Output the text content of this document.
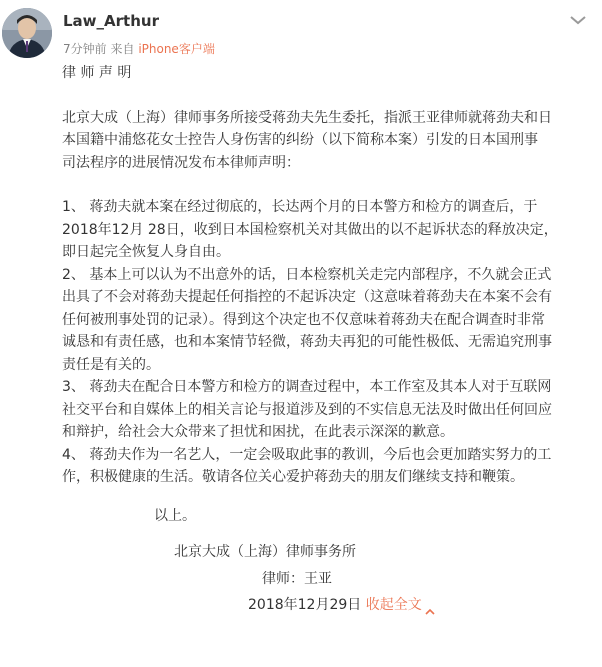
Law_Arthur
7分钟前 来自 iPhone客户端

律 师 声 明

北京大成（上海）律师事务所接受蒋劲夫先生委托，指派王亚律师就蒋劲夫和日
本国籍中浦悠花女士控告人身伤害的纠纷（以下简称本案）引发的日本国刑事
司法程序的进展情况发布本律师声明：
1、 蒋劲夫就本案在经过彻底的，长达两个月的日本警方和检方的调查后，于
2018年12月 28日，收到日本国检察机关对其做出的以不起诉状态的释放决定，
即日起完全恢复人身自由。
2、 基本上可以认为不出意外的话，日本检察机关走完内部程序，不久就会正式
出具了不会对蒋劲夫提起任何指控的不起诉决定（这意味着蒋劲夫在本案不会有
任何被刑事处罚的记录）。得到这个决定也不仅意味着蒋劲夫在配合调查时非常
诚恳和有责任感，也和本案情节轻微，蒋劲夫再犯的可能性极低、无需追究刑事
责任是有关的。
3、 蒋劲夫在配合日本警方和检方的调查过程中，本工作室及其本人对于互联网
社交平台和自媒体上的相关言论与报道涉及到的不实信息无法及时做出任何回应
和辩护，给社会大众带来了担忧和困扰，在此表示深深的歉意。
4、 蒋劲夫作为一名艺人，一定会吸取此事的教训，今后也会更加踏实努力的工
作，积极健康的生活。敬请各位关心爱护蒋劲夫的朋友们继续支持和鞭策。
以上。
北京大成（上海）律师事务所
律师：王亚
2018年12月29日 收起全文
